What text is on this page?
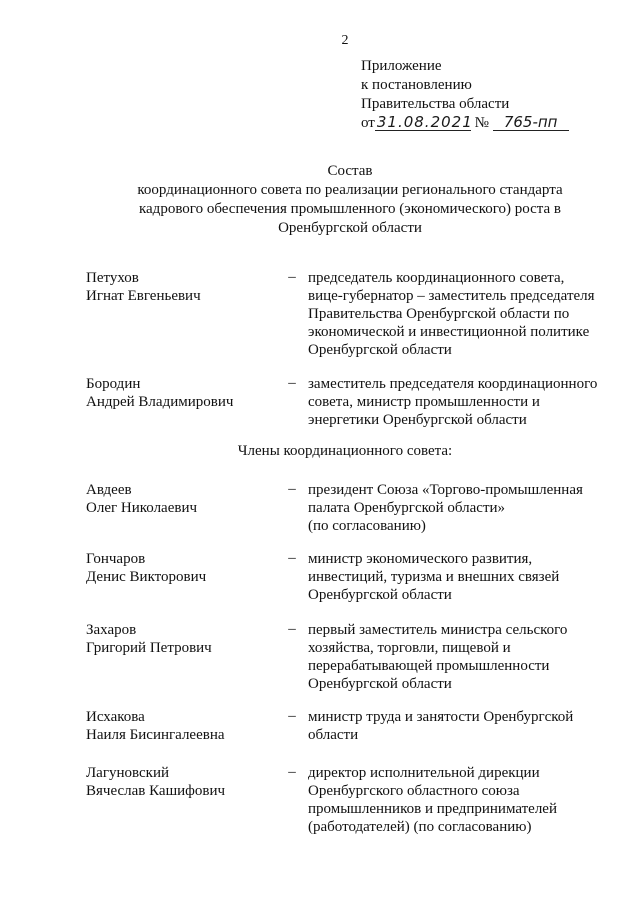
2
Приложение
к постановлению
Правительства области
от 31.08.2021 № 765-пп
Состав
координационного совета по реализации регионального стандарта
кадрового обеспечения промышленного (экономического) роста в
Оренбургской области
Петухов
Игнат Евгеньевич
– председатель координационного совета,
вице-губернатор – заместитель председателя
Правительства Оренбургской области по
экономической и инвестиционной политике
Оренбургской области
Бородин
Андрей Владимирович
– заместитель председателя координационного
совета, министр промышленности и
энергетики Оренбургской области
Члены координационного совета:
Авдеев
Олег Николаевич
– президент Союза «Торгово-промышленная
палата Оренбургской области»
(по согласованию)
Гончаров
Денис Викторович
– министр экономического развития,
инвестиций, туризма и внешних связей
Оренбургской области
Захаров
Григорий Петрович
– первый заместитель министра сельского
хозяйства, торговли, пищевой и
перерабатывающей промышленности
Оренбургской области
Исхакова
Наиля Бисингалеевна
– министр труда и занятости Оренбургской
области
Лагуновский
Вячеслав Кашифович
– директор исполнительной дирекции
Оренбургского областного союза
промышленников и предпринимателей
(работодателей) (по согласованию)
